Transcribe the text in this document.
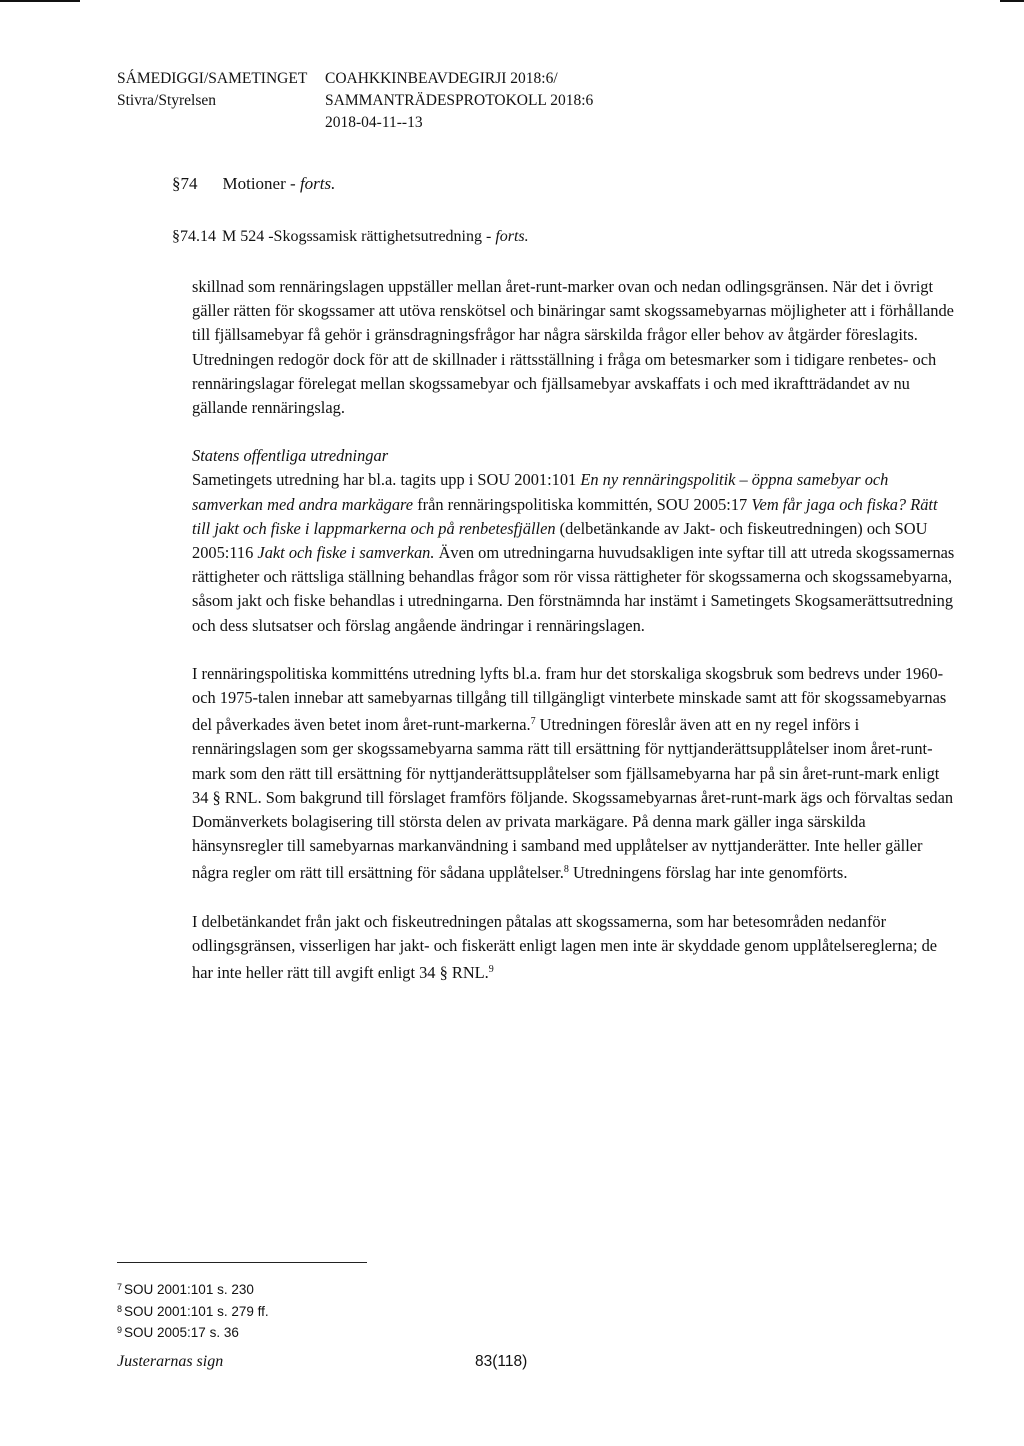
SÁMEDIGGI/SAMETINGET
Stivra/Styrelsen
COAHKKINBEAVDEGIRJI 2018:6/
SAMMANTRÄDESPROTOKOLL 2018:6
2018-04-11--13
§74 Motioner - forts.
§74.14 M 524 -Skogssamisk rättighetsutredning - forts.

skillnad som rennäringslagen uppställer mellan året-runt-marker ovan och nedan odlingsgränsen. När det i övrigt gäller rätten för skogssamer att utöva renskötsel och binäringar samt skogssamebyarnas möjligheter att i förhållande till fjällsamebyar få gehör i gränsdragningsfrågor har några särskilda frågor eller behov av åtgärder föreslagits. Utredningen redogör dock för att de skillnader i rättsställning i fråga om betesmarker som i tidigare renbetes- och rennäringslagar förelegat mellan skogssamebyar och fjällsamebyar avskaffats i och med ikraftträdandet av nu gällande rennäringslag.

Statens offentliga utredningar

Sametingets utredning har bl.a. tagits upp i SOU 2001:101 En ny rennäringspolitik – öppna samebyar och samverkan med andra markägare från rennäringspolitiska kommittén, SOU 2005:17 Vem får jaga och fiska? Rätt till jakt och fiske i lappmarkerna och på renbetesfjällen (delbetänkande av Jakt- och fiskeutredningen) och SOU 2005:116 Jakt och fiske i samverkan. Även om utredningarna huvudsakligen inte syftar till att utreda skogssamernas rättigheter och rättsliga ställning behandlas frågor som rör vissa rättigheter för skogssamerna och skogssamebyarna, såsom jakt och fiske behandlas i utredningarna. Den förstnämnda har instämt i Sametingets Skogsamerättsutredning och dess slutsatser och förslag angående ändringar i rennäringslagen.

I rennäringspolitiska kommitténs utredning lyfts bl.a. fram hur det storskaliga skogsbruk som bedrevs under 1960- och 1975-talen innebar att samebyarnas tillgång till tillgängligt vinterbete minskade samt att för skogssamebyarnas del påverkades även betet inom året-runt-markerna.$^7$ Utredningen föreslår även att en ny regel införs i rennäringslagen som ger skogssamebyarna samma rätt till ersättning för nyttjanderättsupplåtelser inom året-runt-mark som den rätt till ersättning för nyttjanderättsupplåtelser som fjällsamebyarna har på sin året-runt-mark enligt 34 § RNL. Som bakgrund till förslaget framförs följande. Skogssamebyarnas året-runt-mark ägs och förvaltas sedan Domänverkets bolagisering till största delen av privata markägare. På denna mark gäller inga särskilda hänsynsregler till samebyarnas markanvändning i samband med upplåtelser av nyttjanderätter. Inte heller gäller några regler om rätt till ersättning för sådana upplåtelser.$^8$ Utredningens förslag har inte genomförts.

I delbetänkandet från jakt och fiskeutredningen påtalas att skogssamerna, som har betesområden nedanför odlingsgränsen, visserligen har jakt- och fiskerätt enligt lagen men inte är skyddade genom upplåtelsereglerna; de har inte heller rätt till avgift enligt 34 § RNL.$^9$

$^7$ SOU 2001:101 s. 230
$^8$ SOU 2001:101 s. 279 ff.
$^9$ SOU 2005:17 s. 36
Justerarnas sign	83(118)
